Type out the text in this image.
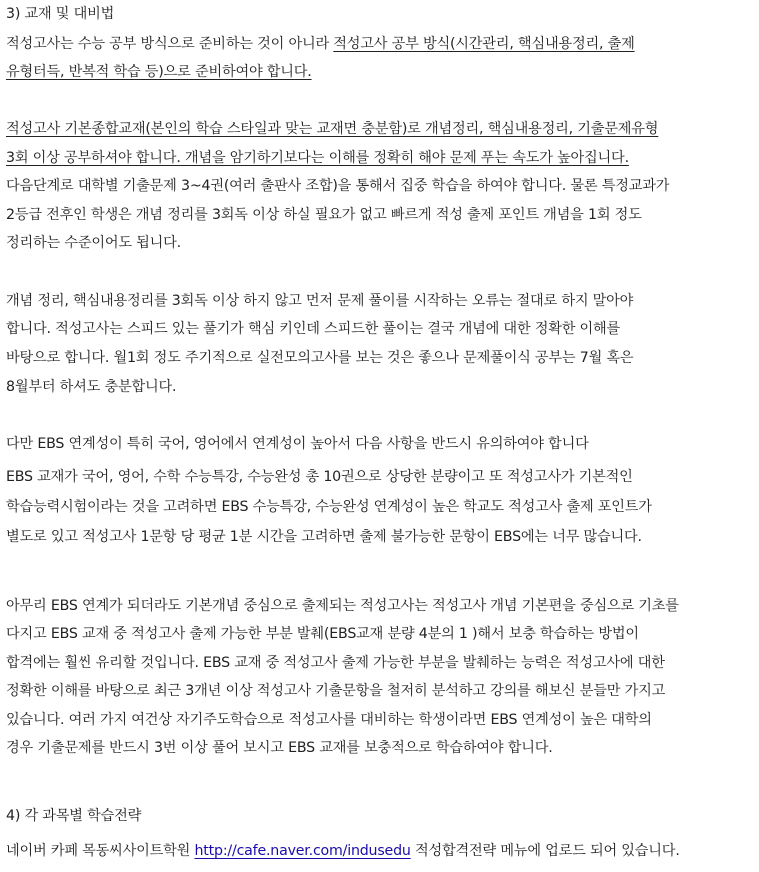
3) 교재 및 대비법
적성고사는 수능 공부 방식으로 준비하는 것이 아니라 적성고사 공부 방식(시간관리, 핵심내용정리, 출제
유형터득, 반복적 학습 등)으로 준비하여야 합니다.
적성고사 기본종합교재(본인의 학습 스타일과 맞는 교재면 충분함)로 개념정리, 핵심내용정리, 기출문제유형
3회 이상 공부하셔야 합니다. 개념을 암기하기보다는 이해를 정확히 해야 문제 푸는 속도가 높아집니다.
다음단계로 대학별 기출문제 3~4권(여러 출판사 조합)을 통해서 집중 학습을 하여야 합니다. 물론 특정교과가
2등급 전후인 학생은 개념 정리를 3회독 이상 하실 필요가 없고 빠르게 적성 출제 포인트 개념을 1회 정도
정리하는 수준이어도 됩니다.
개념 정리, 핵심내용정리를 3회독 이상 하지 않고 먼저 문제 풀이를 시작하는 오류는 절대로 하지 말아야
합니다. 적성고사는 스피드 있는 풀기가 핵심 키인데 스피드한 풀이는 결국 개념에 대한 정확한 이해를
바탕으로 합니다. 월1회 정도 주기적으로 실전모의고사를 보는 것은 좋으나 문제풀이식 공부는 7월 혹은
8월부터 하셔도 충분합니다.
다만 EBS 연계성이 특히 국어, 영어에서 연계성이 높아서 다음 사항을 반드시 유의하여야 합니다
EBS 교재가 국어, 영어, 수학 수능특강, 수능완성 총 10권으로 상당한 분량이고 또 적성고사가 기본적인
학습능력시험이라는 것을 고려하면 EBS 수능특강, 수능완성 연계성이 높은 학교도 적성고사 출제 포인트가
별도로 있고 적성고사 1문항 당 평균 1분 시간을 고려하면 출제 불가능한 문항이 EBS에는 너무 많습니다.
아무리 EBS 연계가 되더라도 기본개념 중심으로 출제되는 적성고사는 적성고사 개념 기본편을 중심으로 기초를
다지고 EBS 교재 중 적성고사 출제 가능한 부분 발췌(EBS교재 분량 4분의 1 )해서 보충 학습하는 방법이
합격에는 훨씬 유리할 것입니다. EBS 교재 중 적성고사 출제 가능한 부분을 발췌하는 능력은 적성고사에 대한
정확한 이해를 바탕으로 최근 3개년 이상 적성고사 기출문항을 철저히 분석하고 강의를 해보신 분들만 가지고
있습니다. 여러 가지 여건상 자기주도학습으로 적성고사를 대비하는 학생이라면 EBS 연계성이 높은 대학의
경우 기출문제를 반드시 3번 이상 풀어 보시고 EBS 교재를 보충적으로 학습하여야 합니다.
4) 각 과목별 학습전략
네이버 카페 목동씨사이트학원 http://cafe.naver.com/indusedu 적성합격전략 메뉴에 업로드 되어 있습니다.
